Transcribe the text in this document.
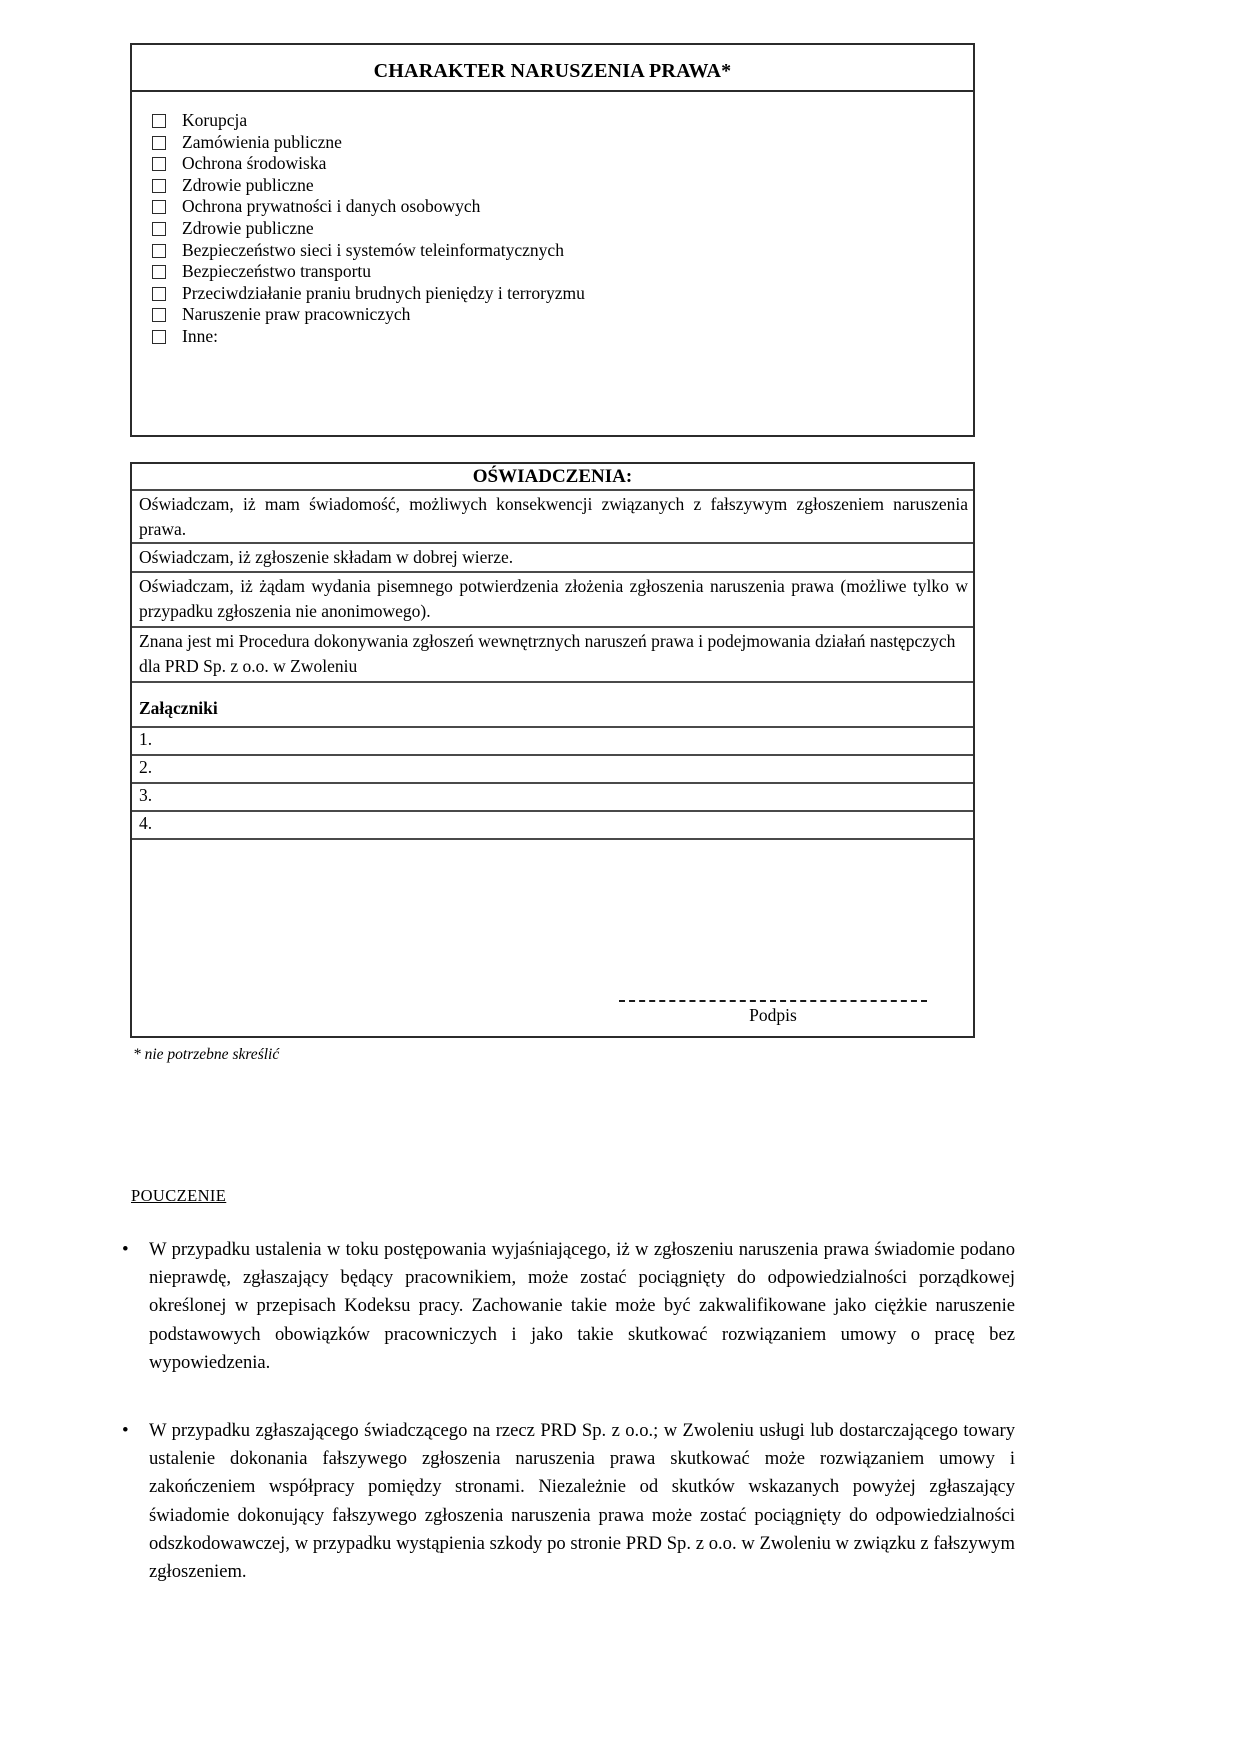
CHARAKTER NARUSZENIA PRAWA*
Korupcja
Zamówienia publiczne
Ochrona środowiska
Zdrowie publiczne
Ochrona prywatności i danych osobowych
Zdrowie publiczne
Bezpieczeństwo sieci i systemów teleinformatycznych
Bezpieczeństwo transportu
Przeciwdziałanie praniu brudnych pieniędzy i terroryzmu
Naruszenie praw pracowniczych
Inne:
OŚWIADCZENIA:
Oświadczam, iż mam świadomość, możliwych konsekwencji związanych z fałszywym zgłoszeniem naruszenia prawa.
Oświadczam, iż zgłoszenie składam w dobrej wierze.
Oświadczam, iż żądam wydania pisemnego potwierdzenia złożenia zgłoszenia naruszenia prawa (możliwe tylko w przypadku zgłoszenia nie anonimowego).
Znana jest mi Procedura dokonywania zgłoszeń wewnętrznych naruszeń prawa i podejmowania działań następczych dla PRD Sp. z o.o. w Zwoleniu
Załączniki
1.
2.
3.
4.
Podpis
* nie potrzebne skreślić
POUCZENIE
•	W przypadku ustalenia w toku postępowania wyjaśniającego, iż w zgłoszeniu naruszenia prawa świadomie podano nieprawdę, zgłaszający będący pracownikiem, może zostać pociągnięty do odpowiedzialności porządkowej określonej w przepisach Kodeksu pracy. Zachowanie takie może być zakwalifikowane jako ciężkie naruszenie podstawowych obowiązków pracowniczych i jako takie skutkować rozwiązaniem umowy o pracę bez wypowiedzenia.
•	W przypadku zgłaszającego świadczącego na rzecz PRD Sp. z o.o.; w Zwoleniu usługi lub dostarczającego towary ustalenie dokonania fałszywego zgłoszenia naruszenia prawa skutkować może rozwiązaniem umowy i zakończeniem współpracy pomiędzy stronami. Niezależnie od skutków wskazanych powyżej zgłaszający świadomie dokonujący fałszywego zgłoszenia naruszenia prawa może zostać pociągnięty do odpowiedzialności odszkodowawczej, w przypadku wystąpienia szkody po stronie PRD Sp. z o.o. w Zwoleniu w związku z fałszywym zgłoszeniem.
